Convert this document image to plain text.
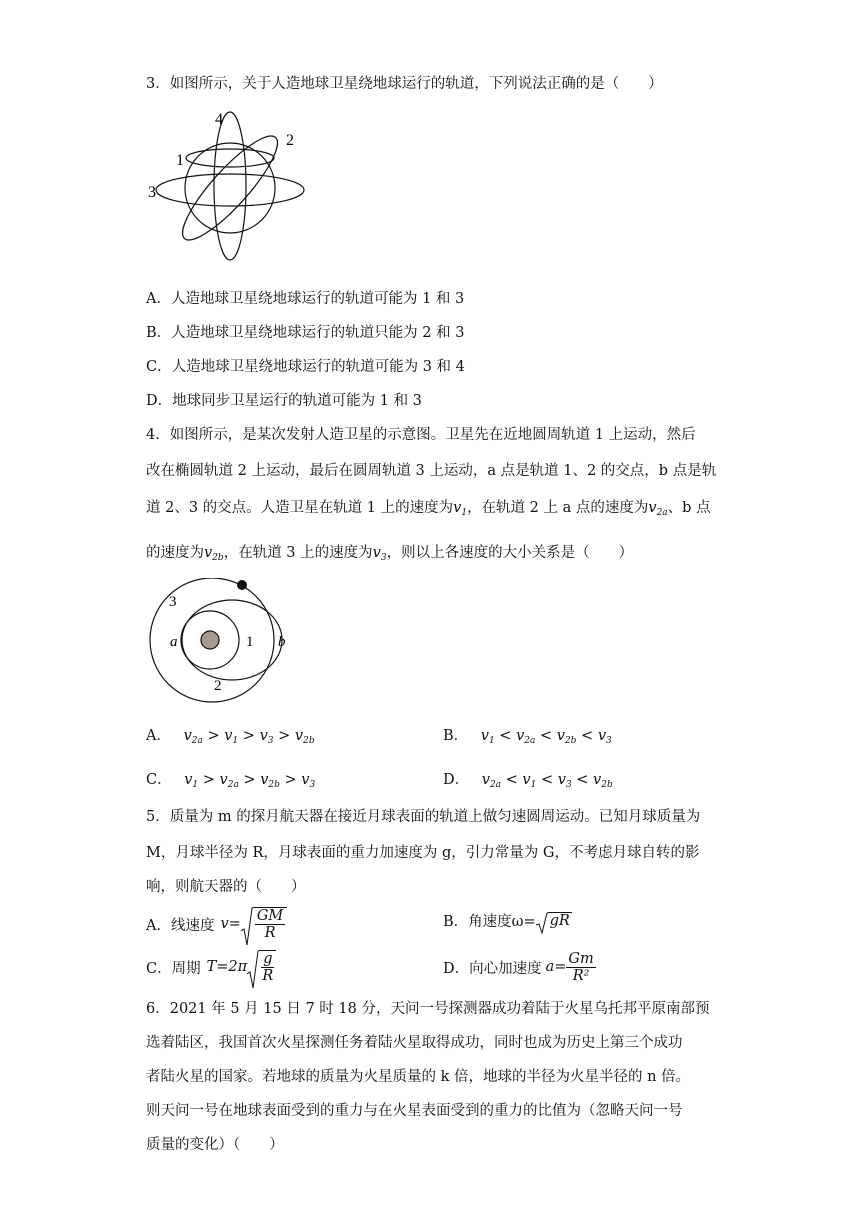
3．如图所示，关于人造地球卫星绕地球运行的轨道，下列说法正确的是（　　）
4
2
1
3
A．人造地球卫星绕地球运行的轨道可能为 1 和 3
B．人造地球卫星绕地球运行的轨道只能为 2 和 3
C．人造地球卫星绕地球运行的轨道可能为 3 和 4
D．地球同步卫星运行的轨道可能为 1 和 3
4．如图所示，是某次发射人造卫星的示意图。卫星先在近地圆周轨道 1 上运动，然后
改在椭圆轨道 2 上运动，最后在圆周轨道 3 上运动，a 点是轨道 1、2 的交点，b 点是轨
道 2、3 的交点。人造卫星在轨道 1 上的速度为$v_1$，在轨道 2 上 a 点的速度为$v_{2a}$、b 点
的速度为$v_{2b}$，在轨道 3 上的速度为$v_3$，则以上各速度的大小关系是（　　）
3
a	1 b
2
A． $v_{2a} > v_1 > v_3 > v_{2b}$	B． $v_1 < v_{2a} < v_{2b} < v_3$
C． $v_1 > v_{2a} > v_{2b} > v_3$	D． $v_{2a} < v_1 < v_3 < v_{2b}$
5．质量为 m 的探月航天器在接近月球表面的轨道上做匀速圆周运动。已知月球质量为
M，月球半径为 R，月球表面的重力加速度为 g，引力常量为 G，不考虑月球自转的影
响，则航天器的（　　）
A．线速度 $v= \frac{GM}{R}$	B．角速度ω= gR
C．周期 $T=2\pi \frac{g}{R}$	D．向心加速度 $a= \frac{Gm}{\text{R²}}$
6．2021 年 5 月 15 日 7 时 18 分，天问一号探测器成功着陆于火星乌托邦平原南部预
选着陆区，我国首次火星探测任务着陆火星取得成功，同时也成为历史上第三个成功
者陆火星的国家。若地球的质量为火星质量的 k 倍，地球的半径为火星半径的 n 倍。
则天问一号在地球表面受到的重力与在火星表面受到的重力的比值为（忽略天问一号
质量的变化）（　　）
